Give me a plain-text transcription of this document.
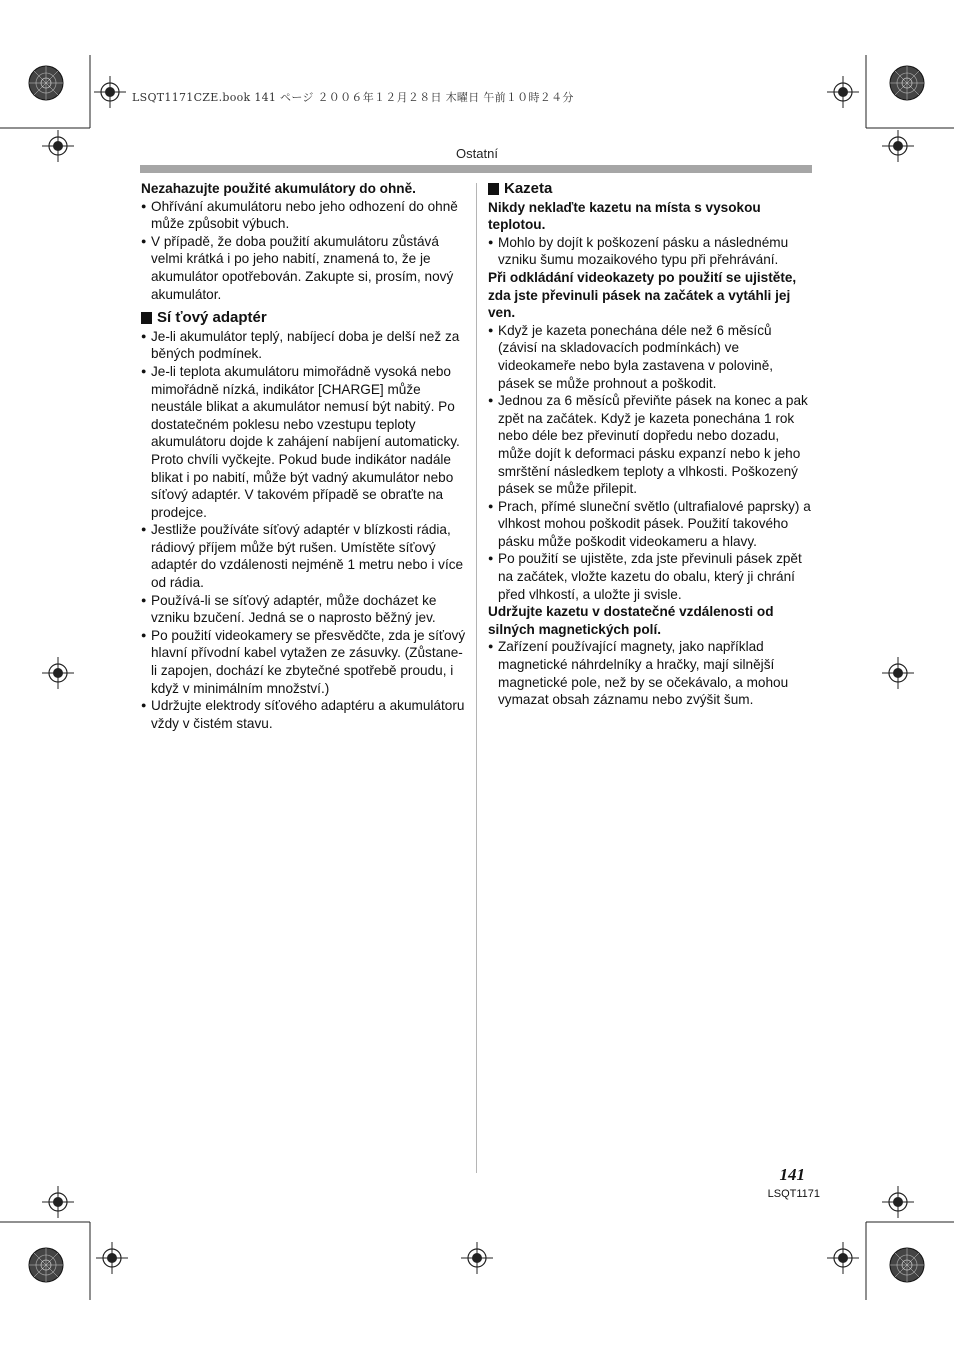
LSQT1171CZE.book 141 ページ ２００６年１２月２８日 木曜日 午前１０時２４分
Ostatní

Nezahazujte použité akumulátory do ohně.

● Ohřívání akumulátoru nebo jeho odhození do ohně může způsobit výbuch.
● V případě, že doba použití akumulátoru zůstává velmi krátká i po jeho nabití, znamená to, že je akumulátor opotřebován. Zakupte si, prosím, nový akumulátor.
Sí ťový adaptér
● Je-li akumulátor teplý, nabíjecí doba je delší než za běných podmínek.
● Je-li teplota akumulátoru mimořádně vysoká nebo mimořádně nízká, indikátor [CHARGE] může neustále blikat a akumulátor nemusí být nabitý. Po dostatečném poklesu nebo vzestupu teploty akumulátoru dojde k zahájení nabíjení automaticky. Proto chvíli vyčkejte. Pokud bude indikátor nadále blikat i po nabití, může být vadný akumulátor nebo síťový adaptér. V takovém případě se obraťte na prodejce.
● Jestliže používáte síťový adaptér v blízkosti rádia, rádiový příjem může být rušen. Umístěte síťový adaptér do vzdálenosti nejméně 1 metru nebo i více od rádia.
● Používá-li se síťový adaptér, může docházet ke vzniku bzučení. Jedná se o naprosto běžný jev.
● Po použití videokamery se přesvědčte, zda je síťový hlavní přívodní kabel vytažen ze zásuvky. (Zůstane-li zapojen, dochází ke zbytečné spotřebě proudu, i když v minimálním množství.)
● Udržujte elektrody síťového adaptéru a akumulátoru vždy v čistém stavu.
Kazeta

Nikdy neklaďte kazetu na místa s vysokou teplotou.

● Mohlo by dojít k poškození pásku a následnému vzniku šumu mozaikového typu při přehrávání.

Při odkládání videokazety po použití se ujistěte, zda jste převinuli pásek na začátek a vytáhli jej ven.

● Když je kazeta ponechána déle než 6 měsíců (závisí na skladovacích podmínkách) ve videokameře nebo byla zastavena v polovině, pásek se může prohnout a poškodit.
● Jednou za 6 měsíců převiňte pásek na konec a pak zpět na začátek. Když je kazeta ponechána 1 rok nebo déle bez převinutí dopředu nebo dozadu, může dojít k deformaci pásku expanzí nebo k jeho smrštění následkem teploty a vlhkosti. Poškozený pásek se může přilepit.
● Prach, přímé sluneční světlo (ultrafialové paprsky) a vlhkost mohou poškodit pásek. Použití takového pásku může poškodit videokameru a hlavy.
● Po použití se ujistěte, zda jste převinuli pásek zpět na začátek, vložte kazetu do obalu, který ji chrání před vlhkostí, a uložte ji svisle.

Udržujte kazetu v dostatečné vzdálenosti od silných magnetických polí.

● Zařízení používající magnety, jako například magnetické náhrdelníky a hračky, mají silnější magnetické pole, než by se očekávalo, a mohou vymazat obsah záznamu nebo zvýšit šum.
141
LSQT1171
